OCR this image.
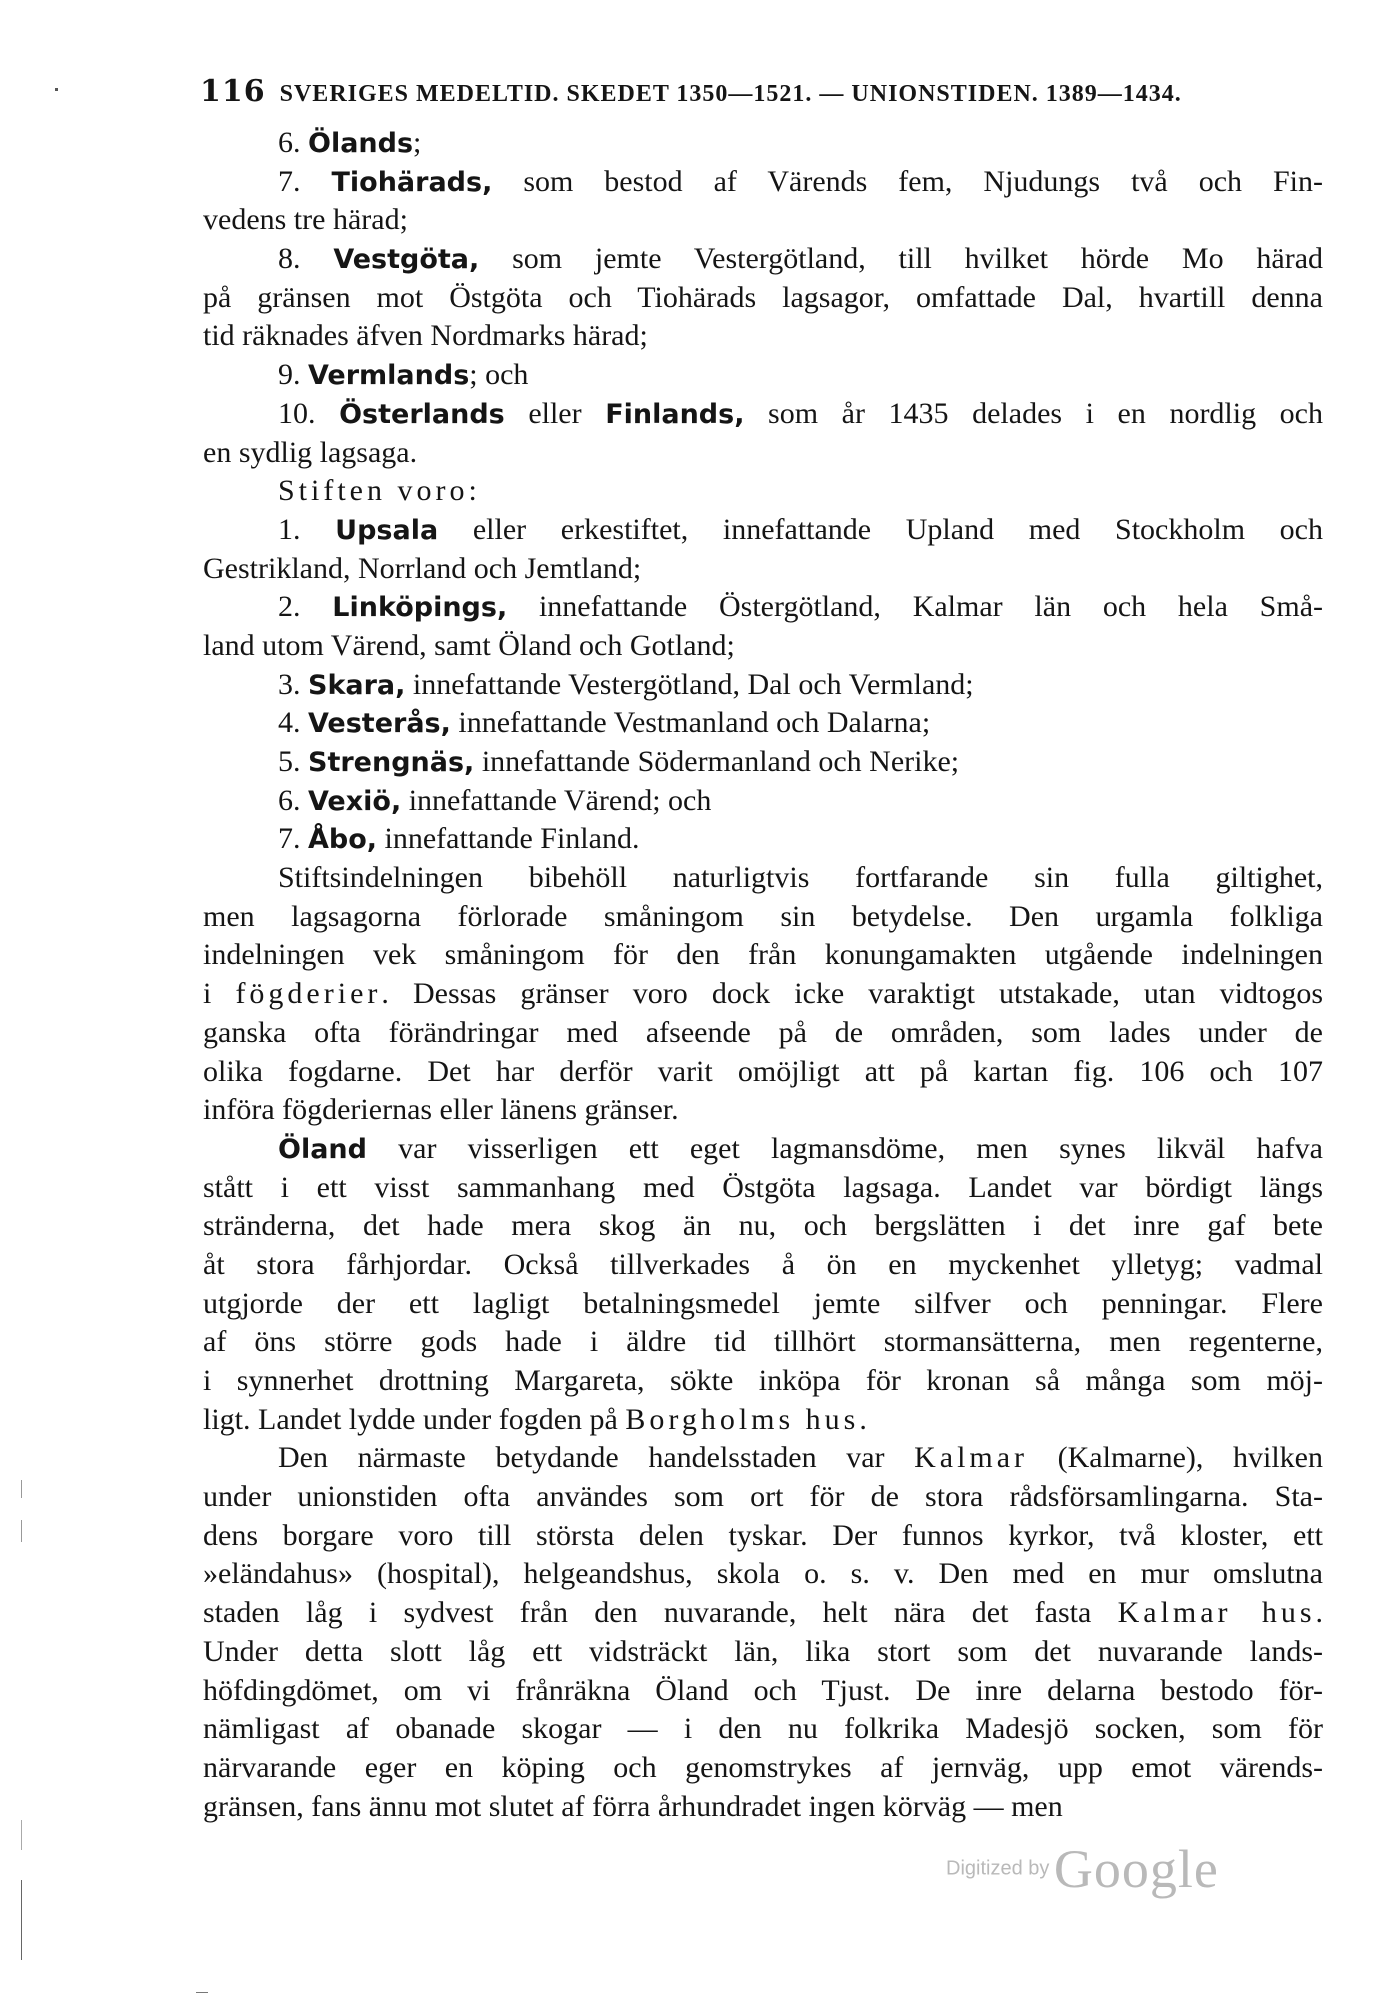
116 SVERIGES MEDELTID. SKEDET 1350—1521. — UNIONSTIDEN. 1389—1434.
6. Ölands;
7. Tiohärads, som bestod af Värends fem, Njudungs två och Fin-
vedens tre härad;
8. Vestgöta, som jemte Vestergötland, till hvilket hörde Mo härad
på gränsen mot Östgöta och Tiohärads lagsagor, omfattade Dal, hvartill denna
tid räknades äfven Nordmarks härad;
9. Vermlands; och
10. Österlands eller Finlands, som år 1435 delades i en nordlig och
en sydlig lagsaga.
Stiften voro:
1. Upsala eller erkestiftet, innefattande Upland med Stockholm och
Gestrikland, Norrland och Jemtland;
2. Linköpings, innefattande Östergötland, Kalmar län och hela Små-
land utom Värend, samt Öland och Gotland;
3. Skara, innefattande Vestergötland, Dal och Vermland;
4. Vesterås, innefattande Vestmanland och Dalarna;
5. Strengnäs, innefattande Södermanland och Nerike;
6. Vexiö, innefattande Värend; och
7. Åbo, innefattande Finland.
Stiftsindelningen bibehöll naturligtvis fortfarande sin fulla giltighet,
men lagsagorna förlorade småningom sin betydelse. Den urgamla folkliga
indelningen vek småningom för den från konungamakten utgående indelningen
i fögderier. Dessas gränser voro dock icke varaktigt utstakade, utan vidtogos
ganska ofta förändringar med afseende på de områden, som lades under de
olika fogdarne. Det har derför varit omöjligt att på kartan fig. 106 och 107
införa fögderiernas eller länens gränser.
Öland var visserligen ett eget lagmansdöme, men synes likväl hafva
stått i ett visst sammanhang med Östgöta lagsaga. Landet var bördigt längs
stränderna, det hade mera skog än nu, och bergslätten i det inre gaf bete
åt stora fårhjordar. Också tillverkades å ön en myckenhet ylletyg; vadmal
utgjorde der ett lagligt betalningsmedel jemte silfver och penningar. Flere
af öns större gods hade i äldre tid tillhört stormansätterna, men regenterne,
i synnerhet drottning Margareta, sökte inköpa för kronan så många som möj-
ligt. Landet lydde under fogden på Borgholms hus.
Den närmaste betydande handelsstaden var Kalmar (Kalmarne), hvilken
under unionstiden ofta användes som ort för de stora rådsförsamlingarna. Sta-
dens borgare voro till största delen tyskar. Der funnos kyrkor, två kloster, ett
»eländahus» (hospital), helgeandshus, skola o. s. v. Den med en mur omslutna
staden låg i sydvest från den nuvarande, helt nära det fasta Kalmar hus.
Under detta slott låg ett vidsträckt län, lika stort som det nuvarande lands-
höfdingdömet, om vi frånräkna Öland och Tjust. De inre delarna bestodo för-
nämligast af obanade skogar — i den nu folkrika Madesjö socken, som för
närvarande eger en köping och genomstrykes af jernväg, upp emot värends-
gränsen, fans ännu mot slutet af förra århundradet ingen körväg — men
Digitized by Google
